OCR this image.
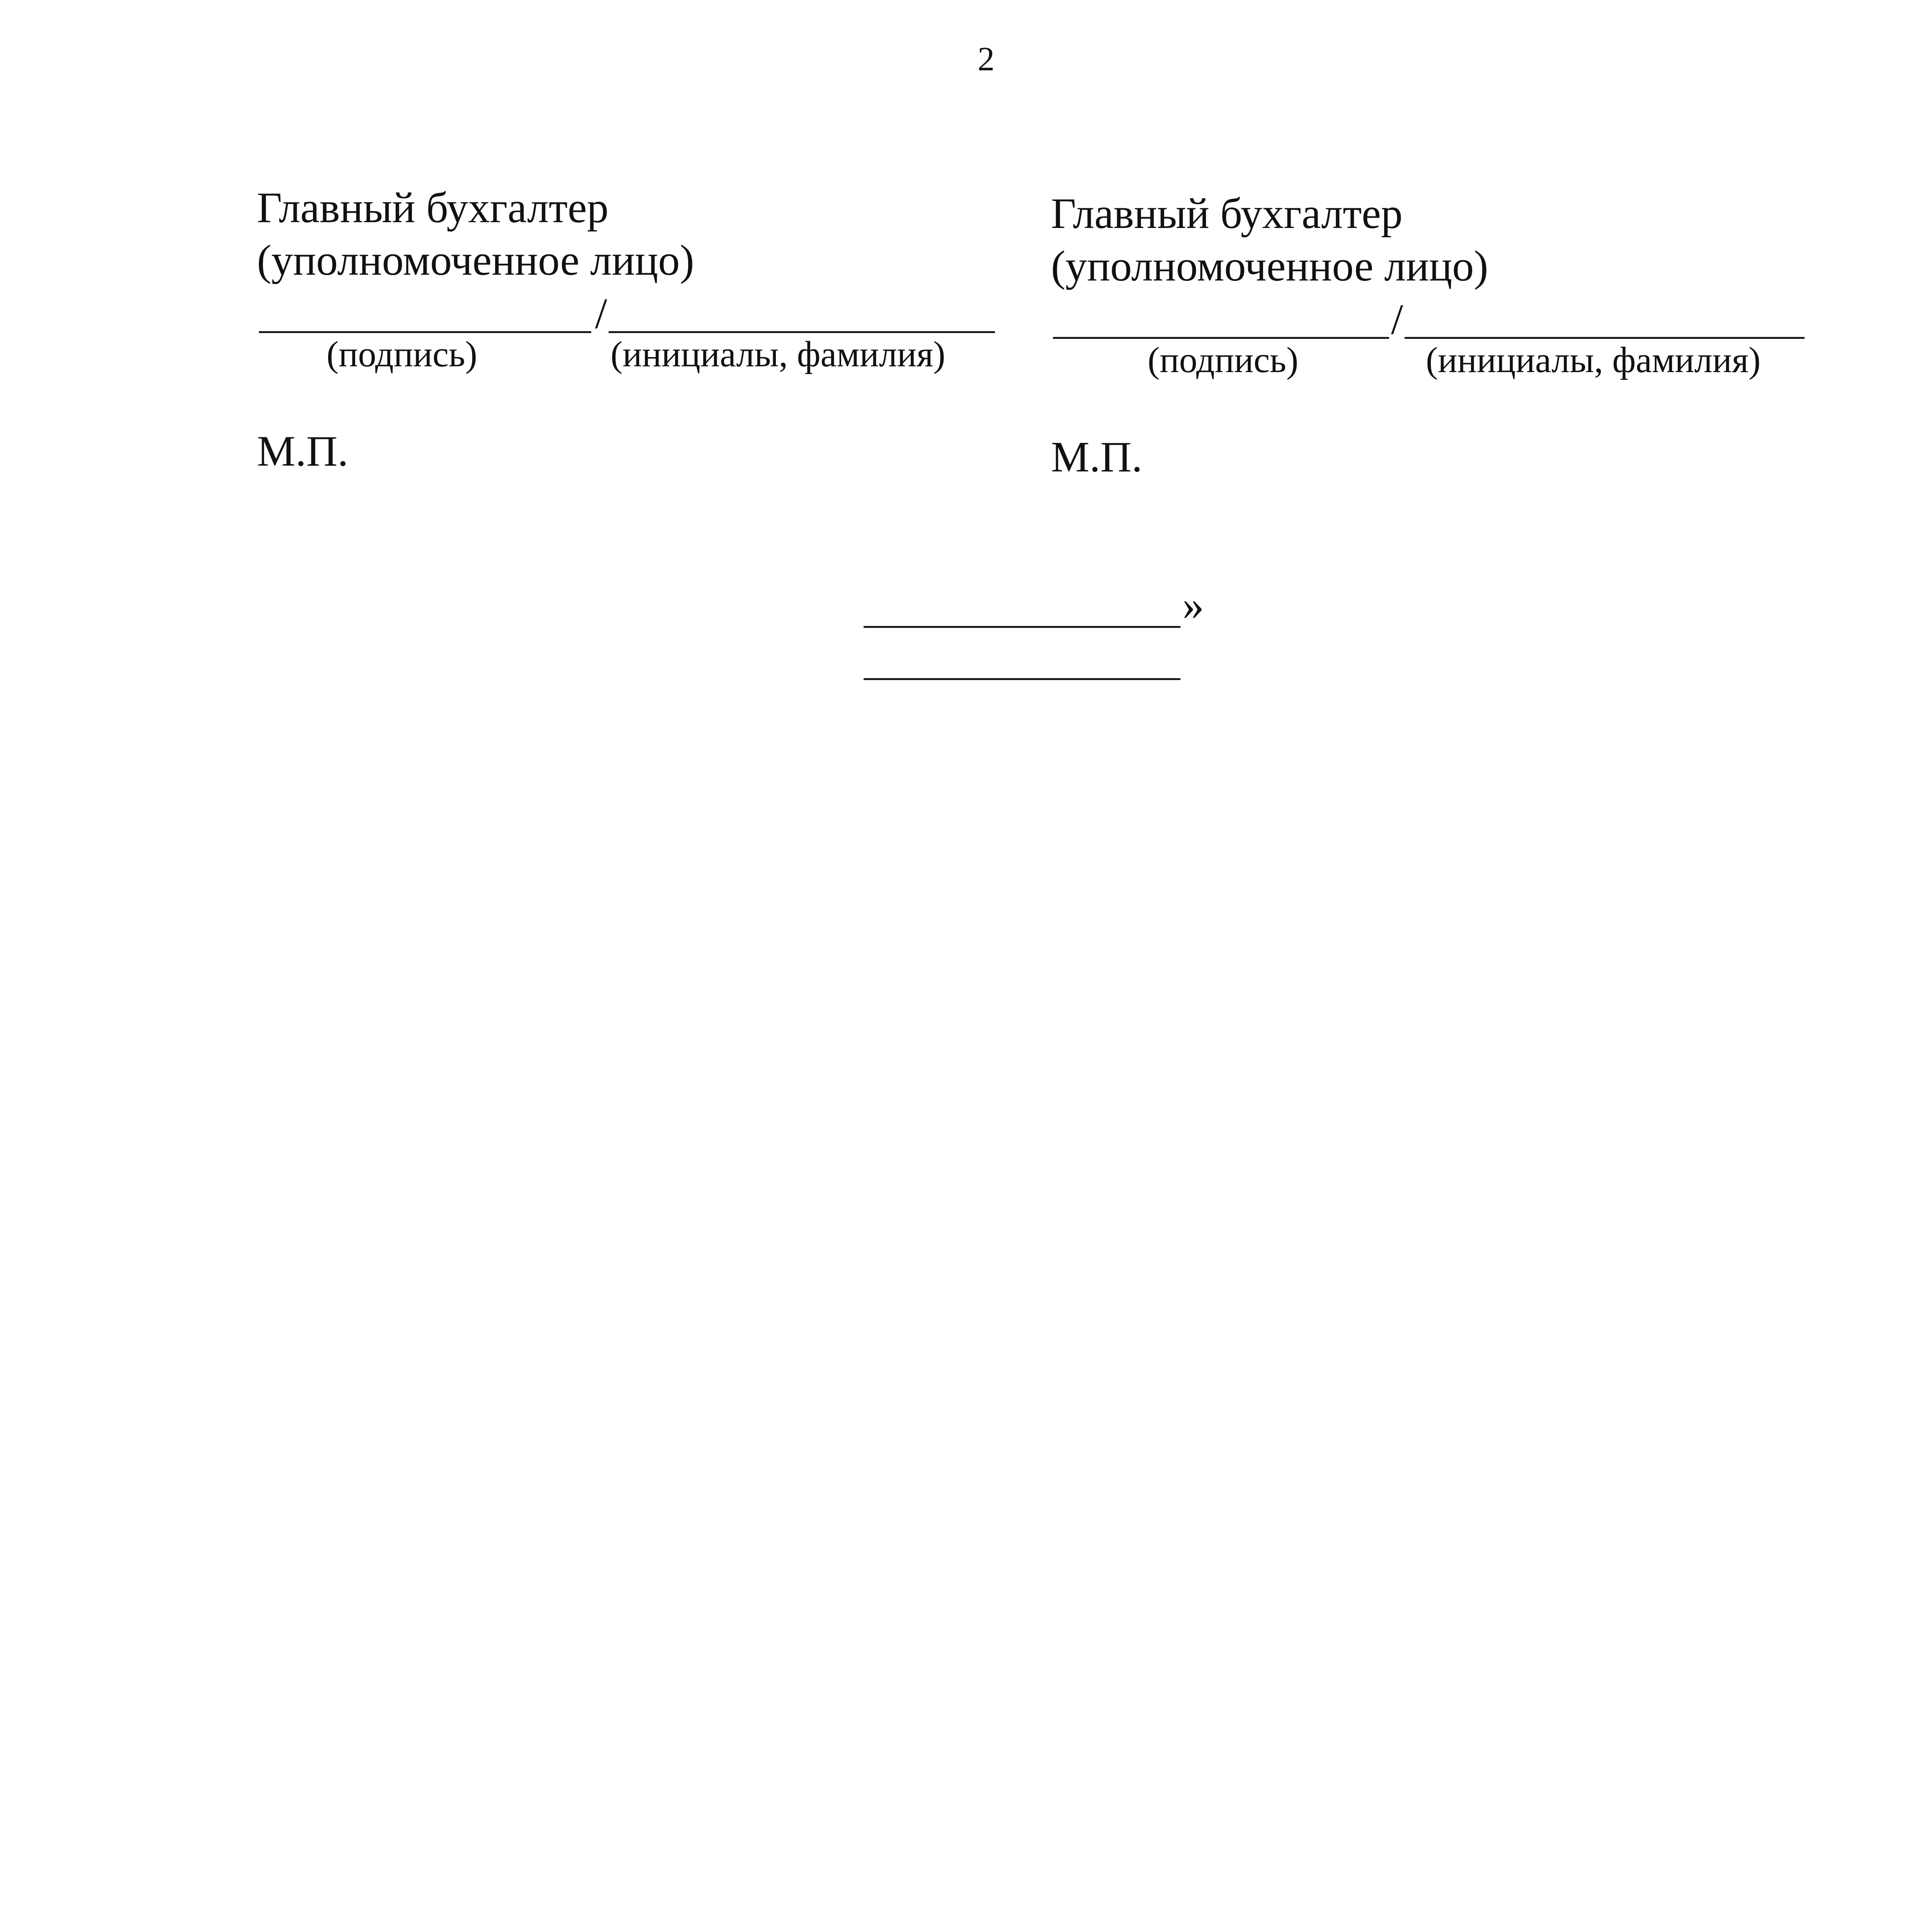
2
Главный бухгалтер
(уполномоченное лицо)
/
(подпись)	(инициалы, фамилия)
М.П.
Главный бухгалтер
(уполномоченное лицо)
/
(подпись)	(инициалы, фамилия)
М.П.
»
